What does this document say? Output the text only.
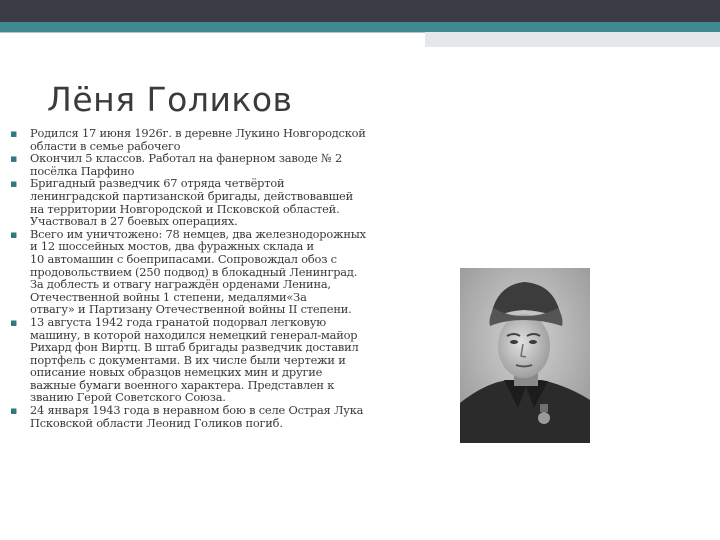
Лёня Голиков
▪ Родился 17 июня 1926г. в деревне Лукино Новгородской
области в семье рабочего
▪ Окончил 5 классов. Работал на фанерном заводе № 2
посёлка Парфино
▪ Бригадный разведчик 67 отряда четвёртой
ленинградской партизанской бригады, действовавшей
на территории Новгородской и Псковской областей.
Участвовал в 27 боевых операциях.
▪ Всего им уничтожено: 78 немцев, два железнодорожных
и 12 шоссейных мостов, два фуражных склада и
10 автомашин с боеприпасами. Сопровождал обоз с
продовольствием (250 подвод) в блокадный Ленинград.
За доблесть и отвагу награждён орденами Ленина,
Отечественной войны 1 степени, медалями«За
отвагу» и Партизану Отечественной войны II степени.
▪ 13 августа 1942 года гранатой подорвал легковую
машину, в которой находился немецкий генерал-майор
Рихард фон Виртц. В штаб бригады разведчик доставил
портфель с документами. В их числе были чертежи и
описание новых образцов немецких мин и другие
важные бумаги военного характера. Представлен к
званию Герой Советского Союза.
▪ 24 января 1943 года в неравном бою в селе Острая Лука
Псковской области Леонид Голиков погиб.
